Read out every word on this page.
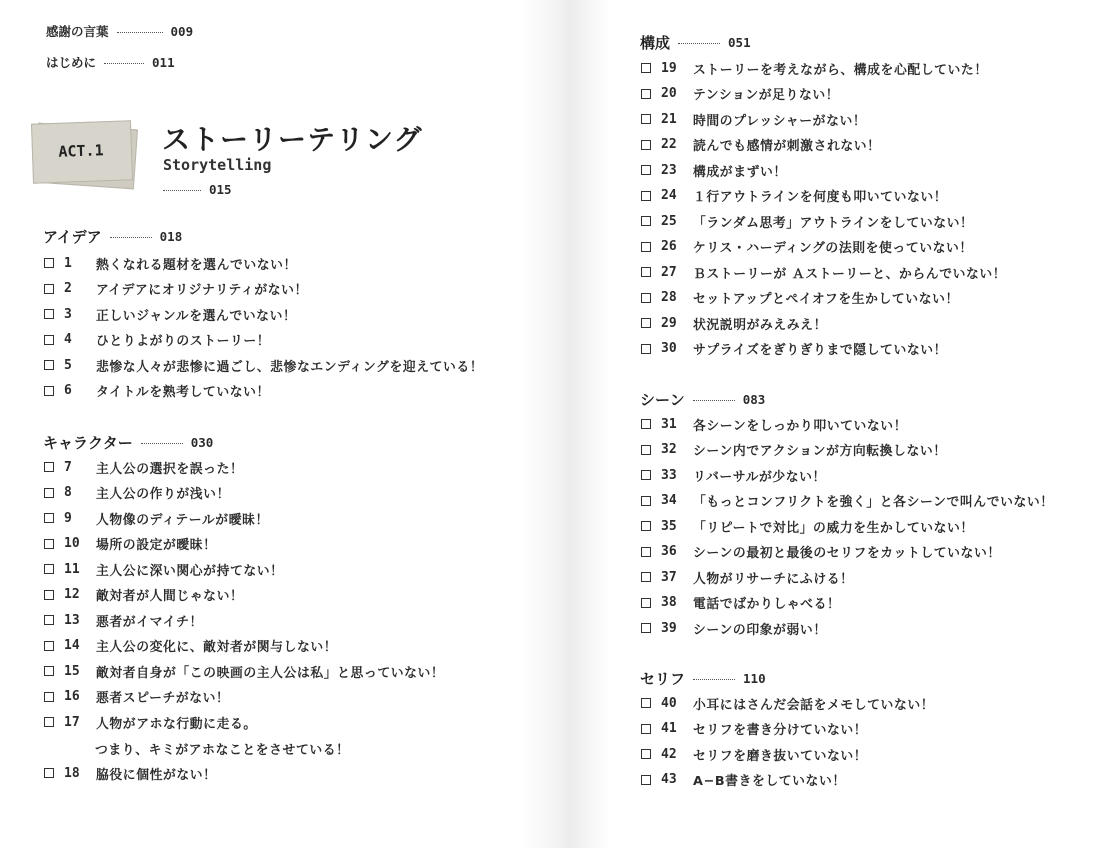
感謝の言葉	009
はじめに	011
ACT.1	ストーリーテリング
Storytelling
015
アイデア	018
1	熱くなれる題材を選んでいない！
2	アイデアにオリジナリティがない！
3	正しいジャンルを選んでいない！
4	ひとりよがりのストーリー！
5	悲惨な人々が悲惨に過ごし、悲惨なエンディングを迎えている！
6	タイトルを熟考していない！
キャラクター	030
7	主人公の選択を誤った！
8	主人公の作りが浅い！
9	人物像のディテールが曖昧！
10	場所の設定が曖昧！
11	主人公に深い関心が持てない！
12	敵対者が人間じゃない！
13	悪者がイマイチ！
14	主人公の変化に、敵対者が関与しない！
15	敵対者自身が「この映画の主人公は私」と思っていない！
16	悪者スピーチがない！
17	人物がアホな行動に走る。
つまり、キミがアホなことをさせている！
18	脇役に個性がない！
構成	051
19	ストーリーを考えながら、構成を心配していた！
20	テンションが足りない！
21	時間のプレッシャーがない！
22	読んでも感情が刺激されない！
23	構成がまずい！
24	１行アウトラインを何度も叩いていない！
25	「ランダム思考」アウトラインをしていない！
26	ケリス・ハーディングの法則を使っていない！
27	Ｂストーリーが Ａストーリーと、からんでいない！
28	セットアップとペイオフを生かしていない！
29	状況説明がみえみえ！
30	サプライズをぎりぎりまで隠していない！
シーン	083
31	各シーンをしっかり叩いていない！
32	シーン内でアクションが方向転換しない！
33	リバーサルが少ない！
34	「もっとコンフリクトを強く」と各シーンで叫んでいない！
35	「リピートで対比」の威力を生かしていない！
36	シーンの最初と最後のセリフをカットしていない！
37	人物がリサーチにふける！
38	電話でばかりしゃべる！
39	シーンの印象が弱い！
セリフ	110
40	小耳にはさんだ会話をメモしていない！
41	セリフを書き分けていない！
42	セリフを磨き抜いていない！
43	A−B書きをしていない！
